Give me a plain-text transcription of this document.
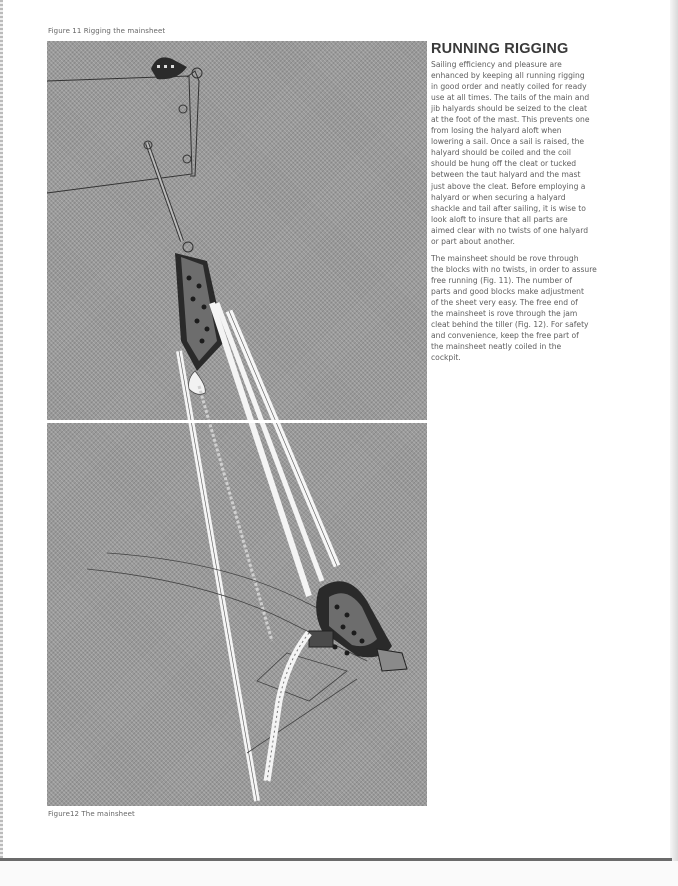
Figure 11 Rigging the mainsheet
Figure12 The mainsheet
RUNNING RIGGING
Sailing efficiency and pleasure are
enhanced by keeping all running rigging
in good order and neatly coiled for ready
use at all times. The tails of the main and
jib halyards should be seized to the cleat
at the foot of the mast. This prevents one
from losing the halyard aloft when
lowering a sail. Once a sail is raised, the
halyard should be coiled and the coil
should be hung off the cleat or tucked
between the taut halyard and the mast
just above the cleat. Before employing a
halyard or when securing a halyard
shackle and tail after sailing, it is wise to
look aloft to insure that all parts are
aimed clear with no twists of one halyard
or part about another.
The mainsheet should be rove through
the blocks with no twists, in order to assure
free running (Fig. 11). The number of
parts and good blocks make adjustment
of the sheet very easy. The free end of
the mainsheet is rove through the jam
cleat behind the tiller (Fig. 12). For safety
and convenience, keep the free part of
the mainsheet neatly coiled in the
cockpit.
